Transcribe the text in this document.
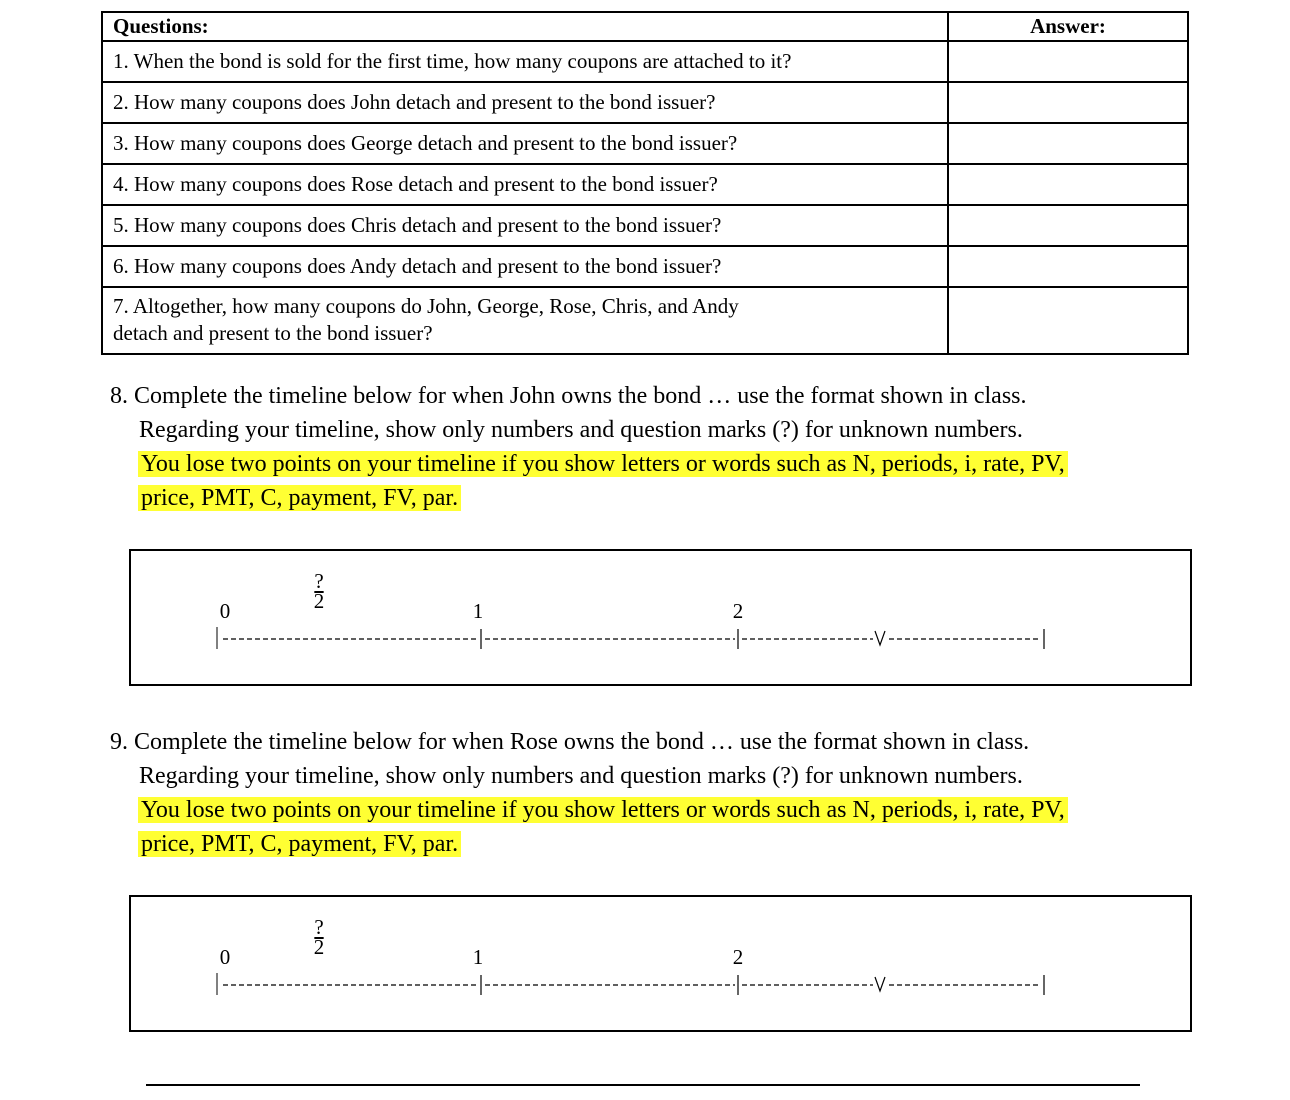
Questions:	Answer:
1. When the bond is sold for the first time, how many coupons are attached to it?	
2. How many coupons does John detach and present to the bond issuer?	
3. How many coupons does George detach and present to the bond issuer?	
4. How many coupons does Rose detach and present to the bond issuer?	
5. How many coupons does Chris detach and present to the bond issuer?	
6. How many coupons does Andy detach and present to the bond issuer?	
7. Altogether, how many coupons do John, George, Rose, Chris, and Andy
detach and present to the bond issuer?	
8. Complete the timeline below for when John owns the bond … use the format shown in class.
Regarding your timeline, show only numbers and question marks (?) for unknown numbers.
You lose two points on your timeline if you show letters or words such as N, periods, i, rate, PV,
price, PMT, C, payment, FV, par.
0
?
2	1	2
9. Complete the timeline below for when Rose owns the bond … use the format shown in class.
Regarding your timeline, show only numbers and question marks (?) for unknown numbers.
You lose two points on your timeline if you show letters or words such as N, periods, i, rate, PV,
price, PMT, C, payment, FV, par.
0
?
2	1	2
